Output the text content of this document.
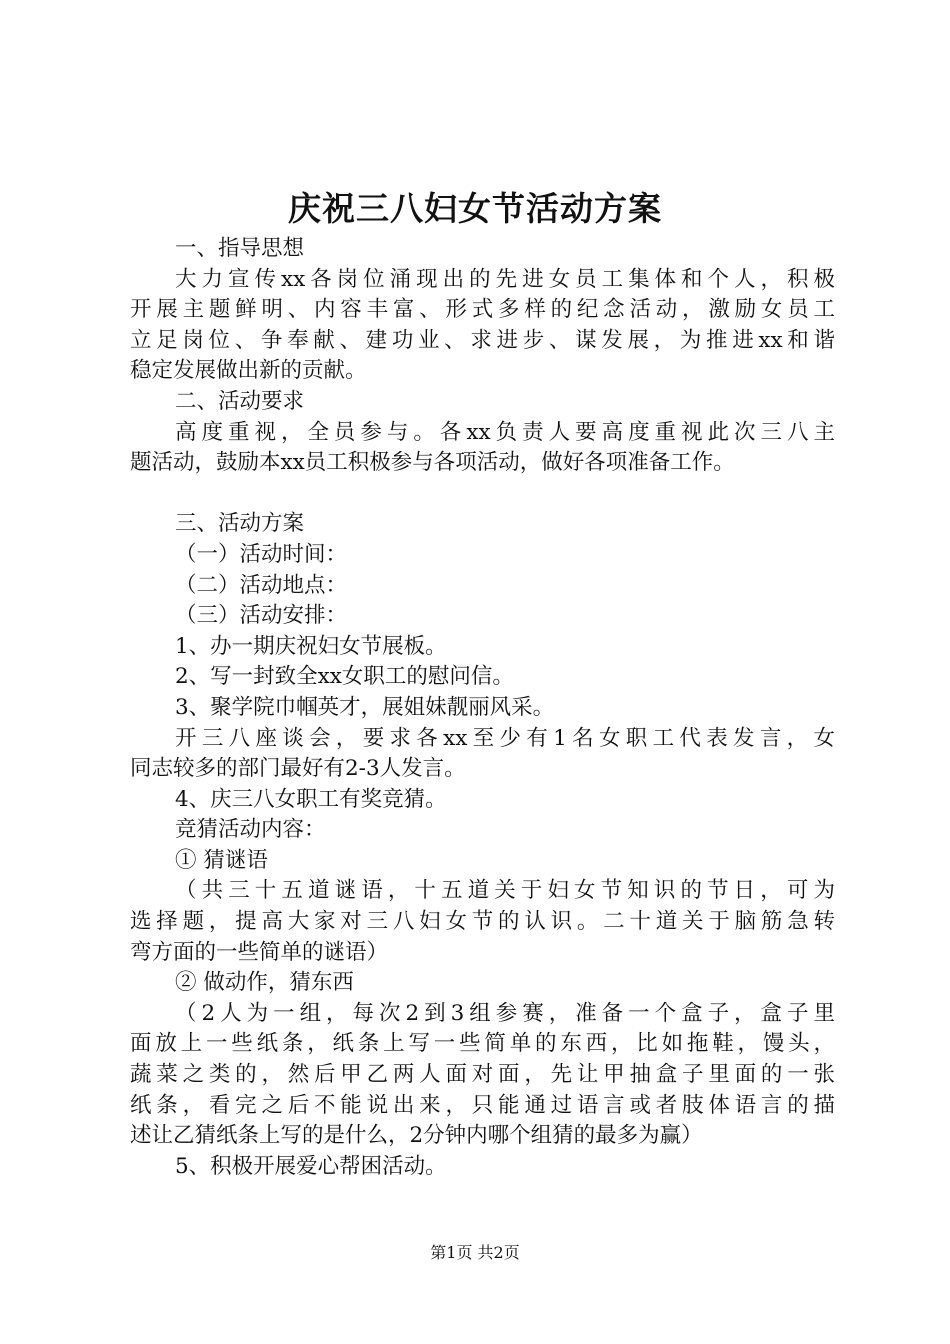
庆祝三八妇女节活动方案
一、指导思想
大力宣传xx各岗位涌现出的先进女员工集体和个人，积极
开展主题鲜明、内容丰富、形式多样的纪念活动，激励女员工
立足岗位、争奉献、建功业、求进步、谋发展，为推进xx和谐
稳定发展做出新的贡献。
二、活动要求
高度重视，全员参与。各xx负责人要高度重视此次三八主
题活动，鼓励本xx员工积极参与各项活动，做好各项准备工作。
三、活动方案
（一）活动时间：
（二）活动地点：
（三）活动安排：
1、办一期庆祝妇女节展板。
2、写一封致全xx女职工的慰问信。
3、聚学院巾帼英才，展姐妹靓丽风采。
开三八座谈会，要求各xx至少有1名女职工代表发言，女
同志较多的部门最好有2-3人发言。
4、庆三八女职工有奖竞猜。
竞猜活动内容：
① 猜谜语
（共三十五道谜语，十五道关于妇女节知识的节日，可为
选择题，提高大家对三八妇女节的认识。二十道关于脑筋急转
弯方面的一些简单的谜语）
② 做动作，猜东西
（2人为一组，每次2到3组参赛，准备一个盒子，盒子里
面放上一些纸条，纸条上写一些简单的东西，比如拖鞋，馒头，
蔬菜之类的，然后甲乙两人面对面，先让甲抽盒子里面的一张
纸条，看完之后不能说出来，只能通过语言或者肢体语言的描
述让乙猜纸条上写的是什么，2分钟内哪个组猜的最多为赢）
5、积极开展爱心帮困活动。
第1页 共2页
